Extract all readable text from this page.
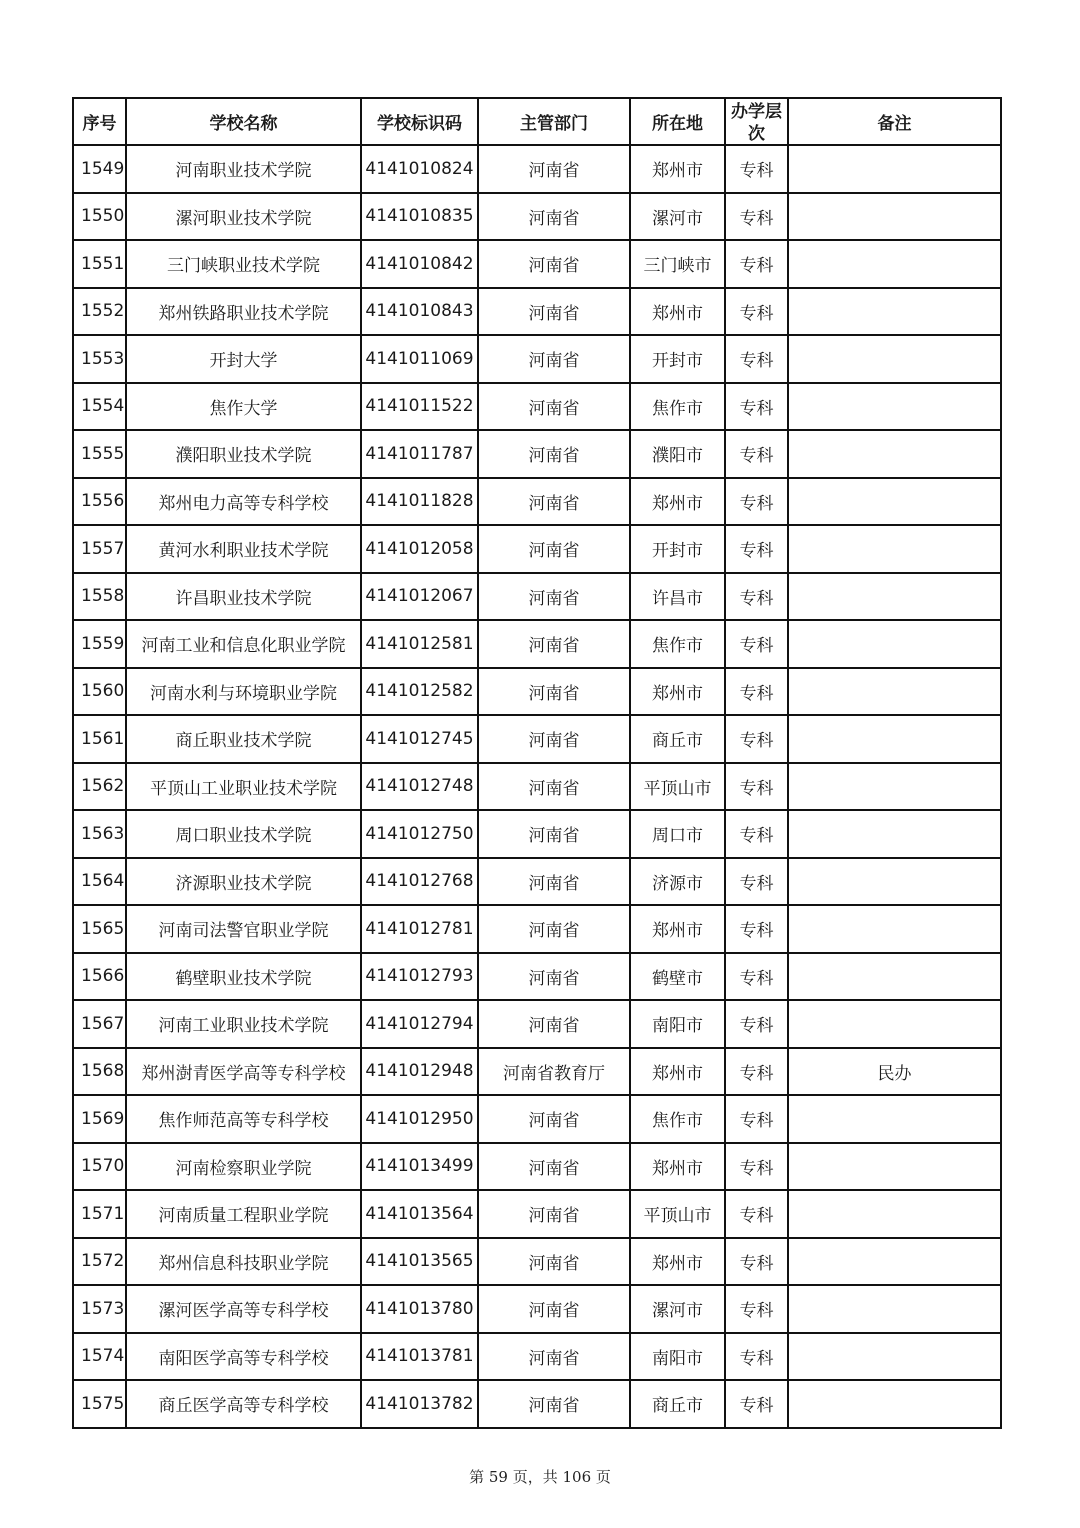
序号	学校名称	学校标识码	主管部门	所在地	办学层次	备注
1549	河南职业技术学院	4141010824	河南省	郑州市	专科	
1550	漯河职业技术学院	4141010835	河南省	漯河市	专科	
1551	三门峡职业技术学院	4141010842	河南省	三门峡市	专科	
1552	郑州铁路职业技术学院	4141010843	河南省	郑州市	专科	
1553	开封大学	4141011069	河南省	开封市	专科	
1554	焦作大学	4141011522	河南省	焦作市	专科	
1555	濮阳职业技术学院	4141011787	河南省	濮阳市	专科	
1556	郑州电力高等专科学校	4141011828	河南省	郑州市	专科	
1557	黄河水利职业技术学院	4141012058	河南省	开封市	专科	
1558	许昌职业技术学院	4141012067	河南省	许昌市	专科	
1559	河南工业和信息化职业学院	4141012581	河南省	焦作市	专科	
1560	河南水利与环境职业学院	4141012582	河南省	郑州市	专科	
1561	商丘职业技术学院	4141012745	河南省	商丘市	专科	
1562	平顶山工业职业技术学院	4141012748	河南省	平顶山市	专科	
1563	周口职业技术学院	4141012750	河南省	周口市	专科	
1564	济源职业技术学院	4141012768	河南省	济源市	专科	
1565	河南司法警官职业学院	4141012781	河南省	郑州市	专科	
1566	鹤壁职业技术学院	4141012793	河南省	鹤壁市	专科	
1567	河南工业职业技术学院	4141012794	河南省	南阳市	专科	
1568	郑州澍青医学高等专科学校	4141012948	河南省教育厅	郑州市	专科	民办
1569	焦作师范高等专科学校	4141012950	河南省	焦作市	专科	
1570	河南检察职业学院	4141013499	河南省	郑州市	专科	
1571	河南质量工程职业学院	4141013564	河南省	平顶山市	专科	
1572	郑州信息科技职业学院	4141013565	河南省	郑州市	专科	
1573	漯河医学高等专科学校	4141013780	河南省	漯河市	专科	
1574	南阳医学高等专科学校	4141013781	河南省	南阳市	专科	
1575	商丘医学高等专科学校	4141013782	河南省	商丘市	专科	
第 59 页，共 106 页
